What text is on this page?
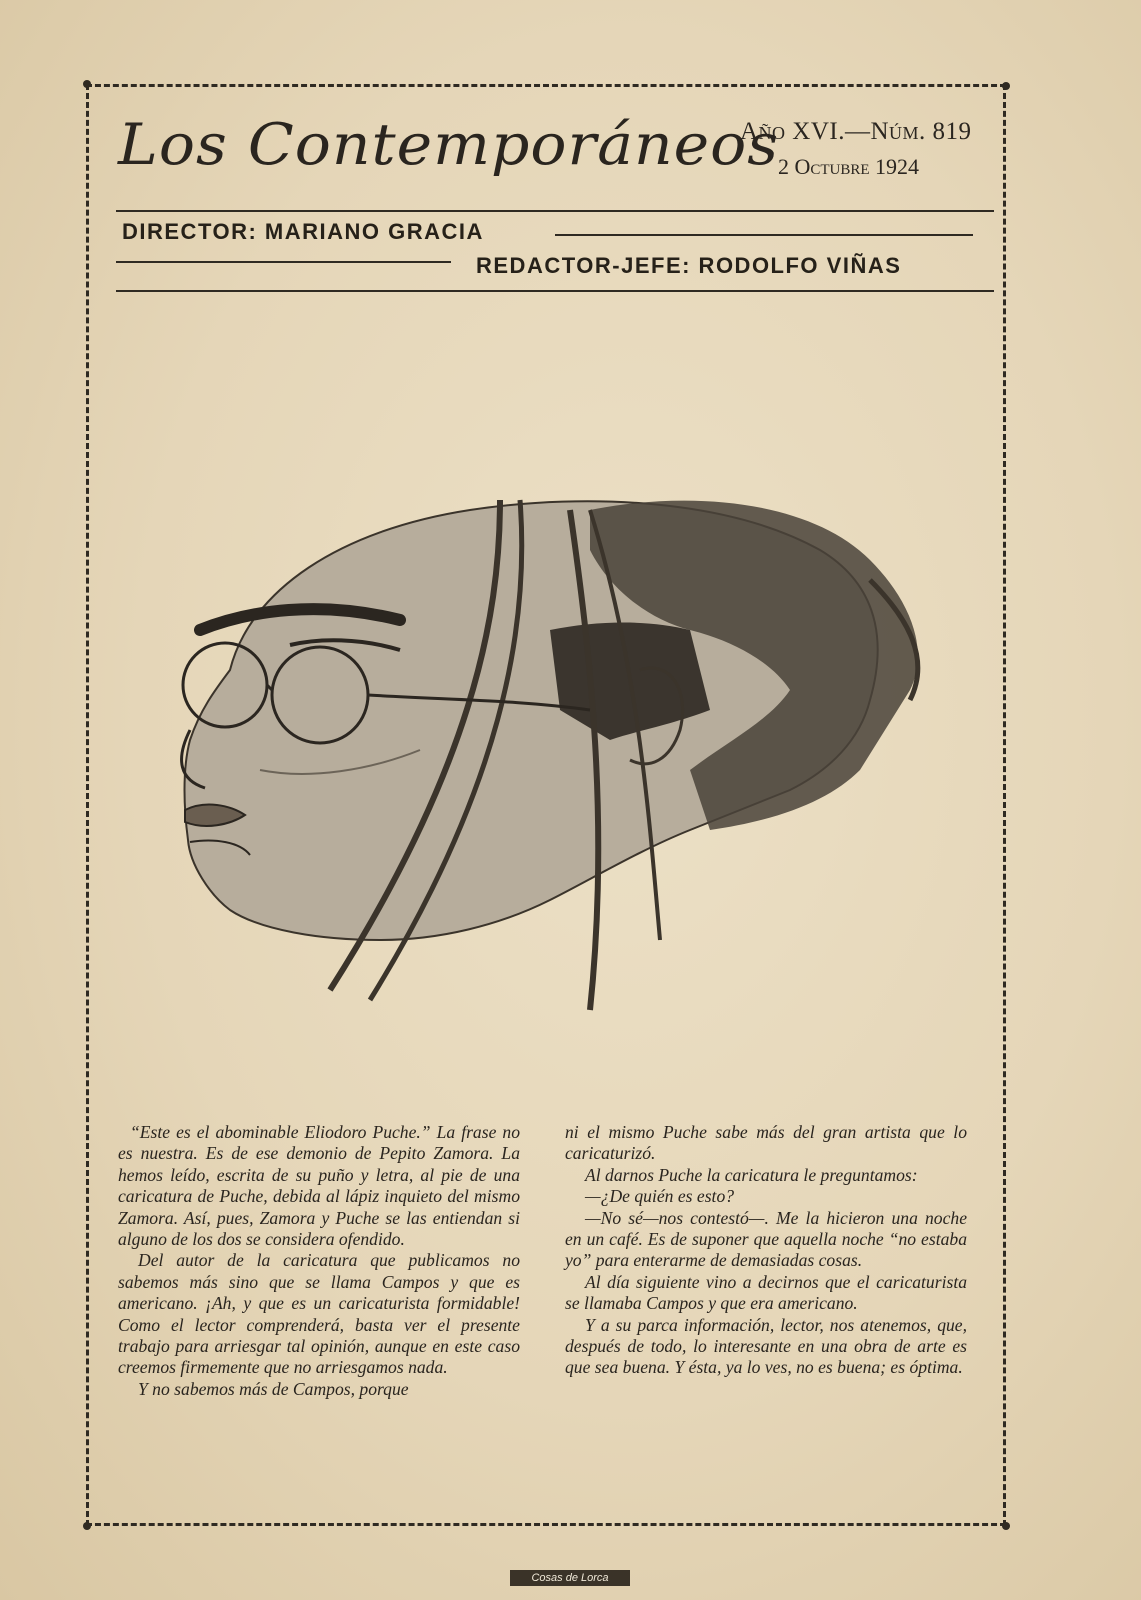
Los Contemporáneos
Año XVI.—Núm. 819
2 Octubre 1924
DIRECTOR: MARIANO GRACIA
REDACTOR-JEFE: RODOLFO VIÑAS

“Este es el abominable Eliodoro Puche.” La frase no es nuestra. Es de ese demonio de Pepito Zamora. La hemos leído, escrita de su puño y letra, al pie de una caricatura de Puche, debida al lápiz inquieto del mismo Zamora. Así, pues, Zamora y Puche se las entiendan si alguno de los dos se considera ofendido.

Del autor de la caricatura que publicamos no sabemos más sino que se llama Campos y que es americano. ¡Ah, y que es un caricaturista formidable! Como el lector comprenderá, basta ver el presente trabajo para arriesgar tal opinión, aunque en este caso creemos firmemente que no arriesgamos nada.

Y no sabemos más de Campos, porque

ni el mismo Puche sabe más del gran artista que lo caricaturizó.

Al darnos Puche la caricatura le preguntamos:

—¿De quién es esto?

—No sé—nos contestó—. Me la hicieron una noche en un café. Es de suponer que aquella noche “no estaba yo” para enterarme de demasiadas cosas.

Al día siguiente vino a decirnos que el caricaturista se llamaba Campos y que era americano.

Y a su parca información, lector, nos atenemos, que, después de todo, lo interesante en una obra de arte es que sea buena. Y ésta, ya lo ves, no es buena; es óptima.

Cosas de Lorca
